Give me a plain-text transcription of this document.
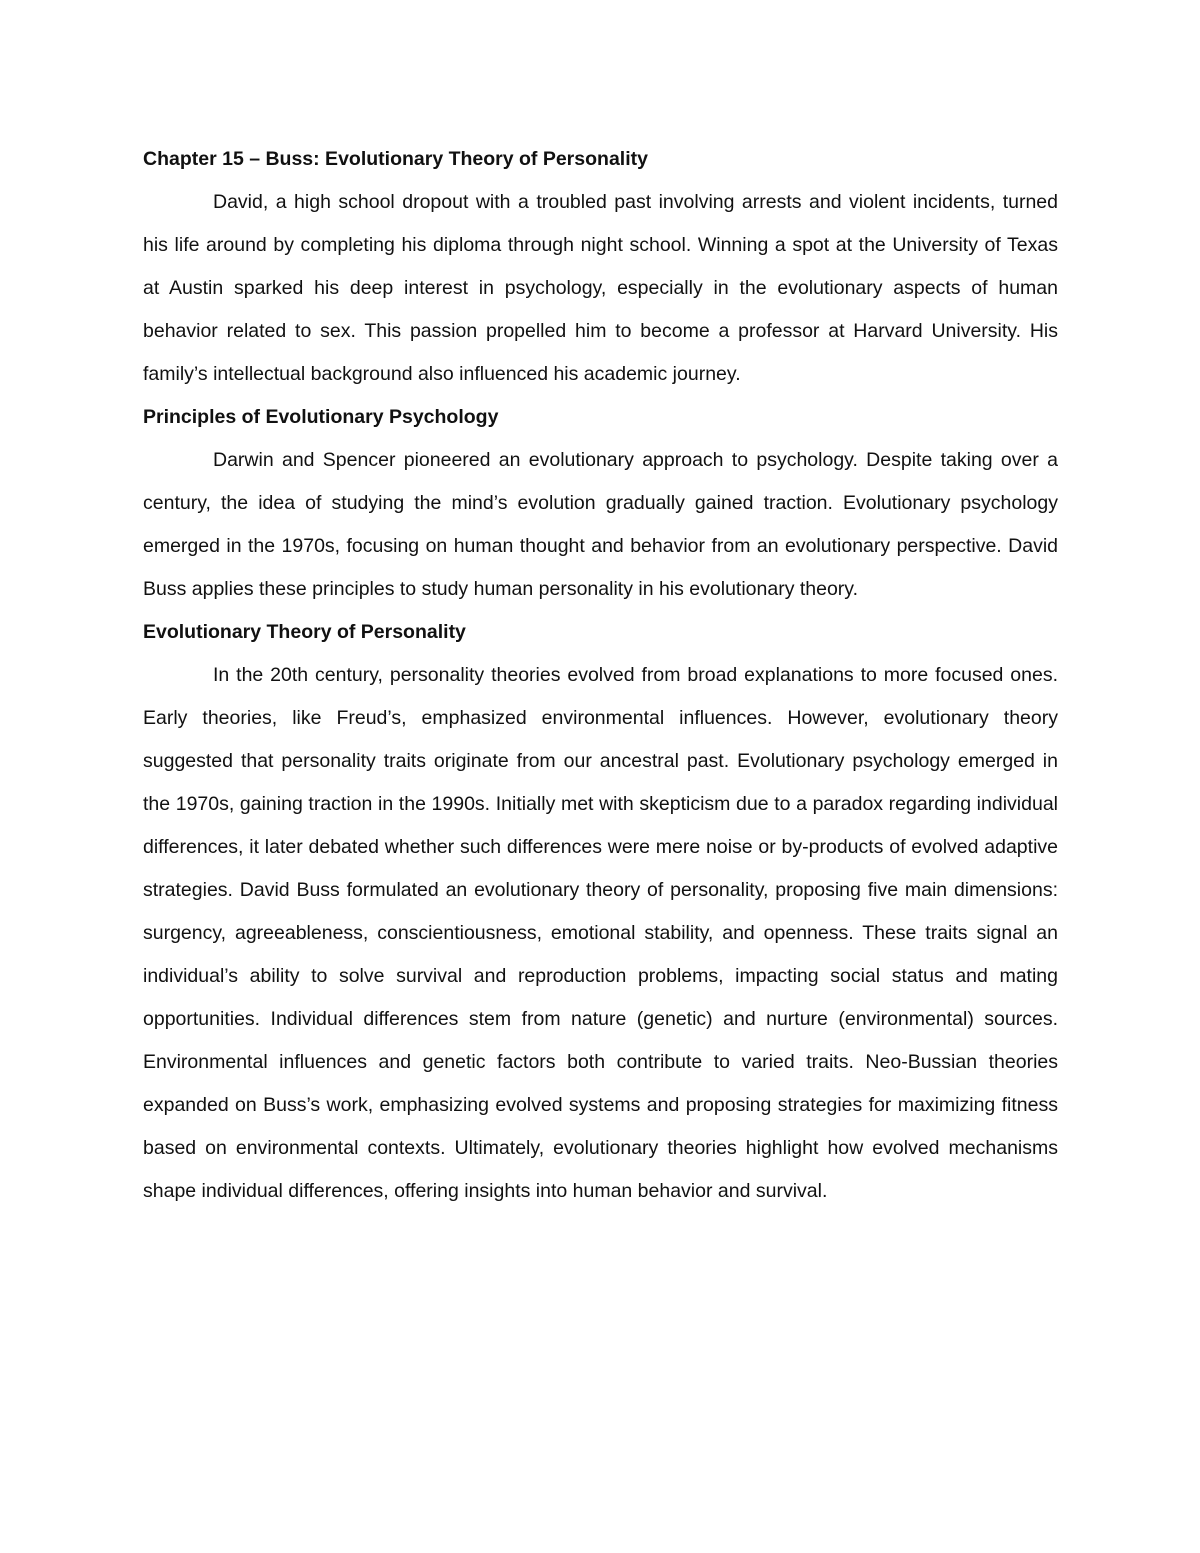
Chapter 15 – Buss: Evolutionary Theory of Personality

David, a high school dropout with a troubled past involving arrests and violent incidents, turned his life around by completing his diploma through night school. Winning a spot at the University of Texas at Austin sparked his deep interest in psychology, especially in the evolutionary aspects of human behavior related to sex. This passion propelled him to become a professor at Harvard University. His family’s intellectual background also influenced his academic journey.

Principles of Evolutionary Psychology

Darwin and Spencer pioneered an evolutionary approach to psychology. Despite taking over a century, the idea of studying the mind’s evolution gradually gained traction. Evolutionary psychology emerged in the 1970s, focusing on human thought and behavior from an evolutionary perspective. David Buss applies these principles to study human personality in his evolutionary theory.

Evolutionary Theory of Personality

In the 20th century, personality theories evolved from broad explanations to more focused ones. Early theories, like Freud’s, emphasized environmental influences. However, evolutionary theory suggested that personality traits originate from our ancestral past. Evolutionary psychology emerged in the 1970s, gaining traction in the 1990s. Initially met with skepticism due to a paradox regarding individual differences, it later debated whether such differences were mere noise or by-products of evolved adaptive strategies. David Buss formulated an evolutionary theory of personality, proposing five main dimensions: surgency, agreeableness, conscientiousness, emotional stability, and openness. These traits signal an individual’s ability to solve survival and reproduction problems, impacting social status and mating opportunities. Individual differences stem from nature (genetic) and nurture (environmental) sources. Environmental influences and genetic factors both contribute to varied traits. Neo-Bussian theories expanded on Buss’s work, emphasizing evolved systems and proposing strategies for maximizing fitness based on environmental contexts. Ultimately, evolutionary theories highlight how evolved mechanisms shape individual differences, offering insights into human behavior and survival.
